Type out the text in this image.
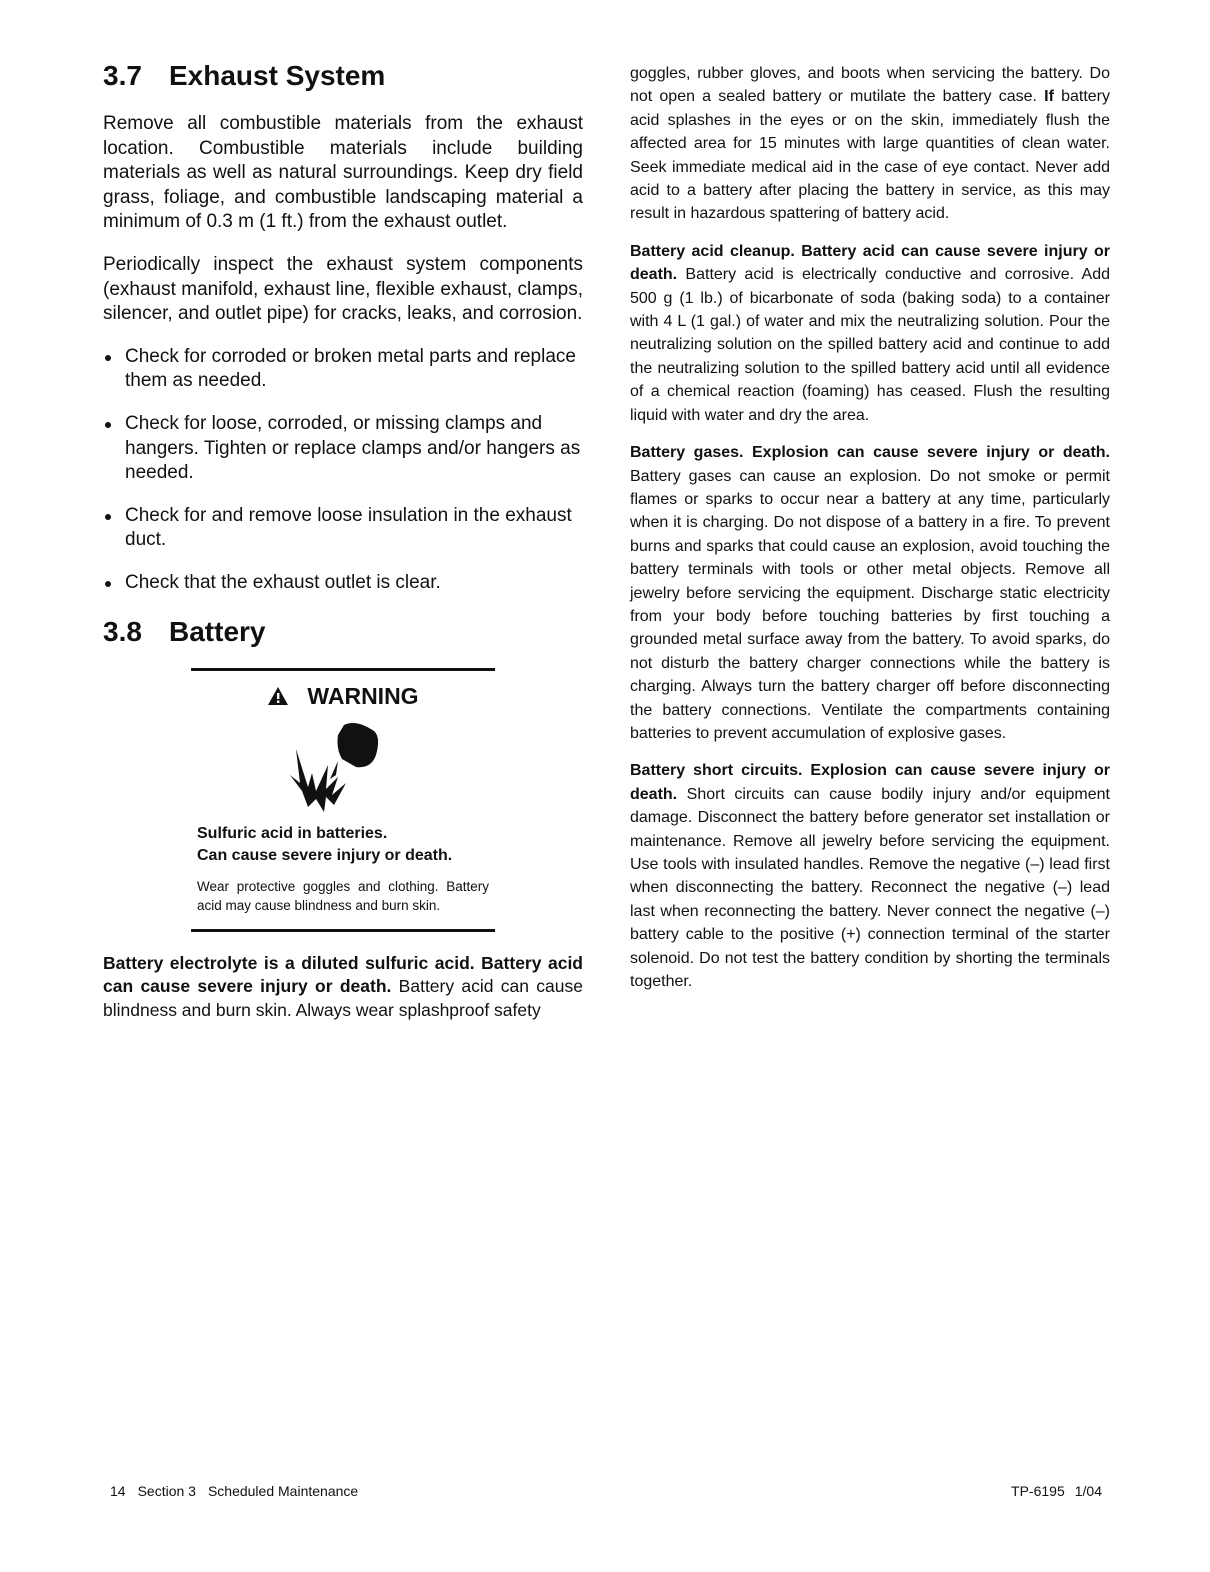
3.7 Exhaust System

Remove all combustible materials from the exhaust location. Combustible materials include building materials as well as natural surroundings. Keep dry field grass, foliage, and combustible landscaping material a minimum of 0.3 m (1 ft.) from the exhaust outlet.

Periodically inspect the exhaust system components (exhaust manifold, exhaust line, flexible exhaust, clamps, silencer, and outlet pipe) for cracks, leaks, and corrosion.

Check for corroded or broken metal parts and replace them as needed.
Check for loose, corroded, or missing clamps and hangers. Tighten or replace clamps and/or hangers as needed.
Check for and remove loose insulation in the exhaust duct.
Check that the exhaust outlet is clear.
3.8 Battery
WARNING
Sulfuric acid in batteries.
Can cause severe injury or death.
Wear protective goggles and clothing. Battery acid may cause blindness and burn skin.

Battery electrolyte is a diluted sulfuric acid. Battery acid can cause severe injury or death. Battery acid can cause blindness and burn skin. Always wear splashproof safety

goggles, rubber gloves, and boots when servicing the battery. Do not open a sealed battery or mutilate the battery case. If battery acid splashes in the eyes or on the skin, immediately flush the affected area for 15 minutes with large quantities of clean water. Seek immediate medical aid in the case of eye contact. Never add acid to a battery after placing the battery in service, as this may result in hazardous spattering of battery acid.

Battery acid cleanup. Battery acid can cause severe injury or death. Battery acid is electrically conductive and corrosive. Add 500 g (1 lb.) of bicarbonate of soda (baking soda) to a container with 4 L (1 gal.) of water and mix the neutralizing solution. Pour the neutralizing solution on the spilled battery acid and continue to add the neutralizing solution to the spilled battery acid until all evidence of a chemical reaction (foaming) has ceased. Flush the resulting liquid with water and dry the area.

Battery gases. Explosion can cause severe injury or death. Battery gases can cause an explosion. Do not smoke or permit flames or sparks to occur near a battery at any time, particularly when it is charging. Do not dispose of a battery in a fire. To prevent burns and sparks that could cause an explosion, avoid touching the battery terminals with tools or other metal objects. Remove all jewelry before servicing the equipment. Discharge static electricity from your body before touching batteries by first touching a grounded metal surface away from the battery. To avoid sparks, do not disturb the battery charger connections while the battery is charging. Always turn the battery charger off before disconnecting the battery connections. Ventilate the compartments containing batteries to prevent accumulation of explosive gases.

Battery short circuits. Explosion can cause severe injury or death. Short circuits can cause bodily injury and/or equipment damage. Disconnect the battery before generator set installation or maintenance. Remove all jewelry before servicing the equipment. Use tools with insulated handles. Remove the negative (–) lead first when disconnecting the battery. Reconnect the negative (–) lead last when reconnecting the battery. Never connect the negative (–) battery cable to the positive (+) connection terminal of the starter solenoid. Do not test the battery condition by shorting the terminals together.

14 Section 3 Scheduled Maintenance	TP-6195 1/04
